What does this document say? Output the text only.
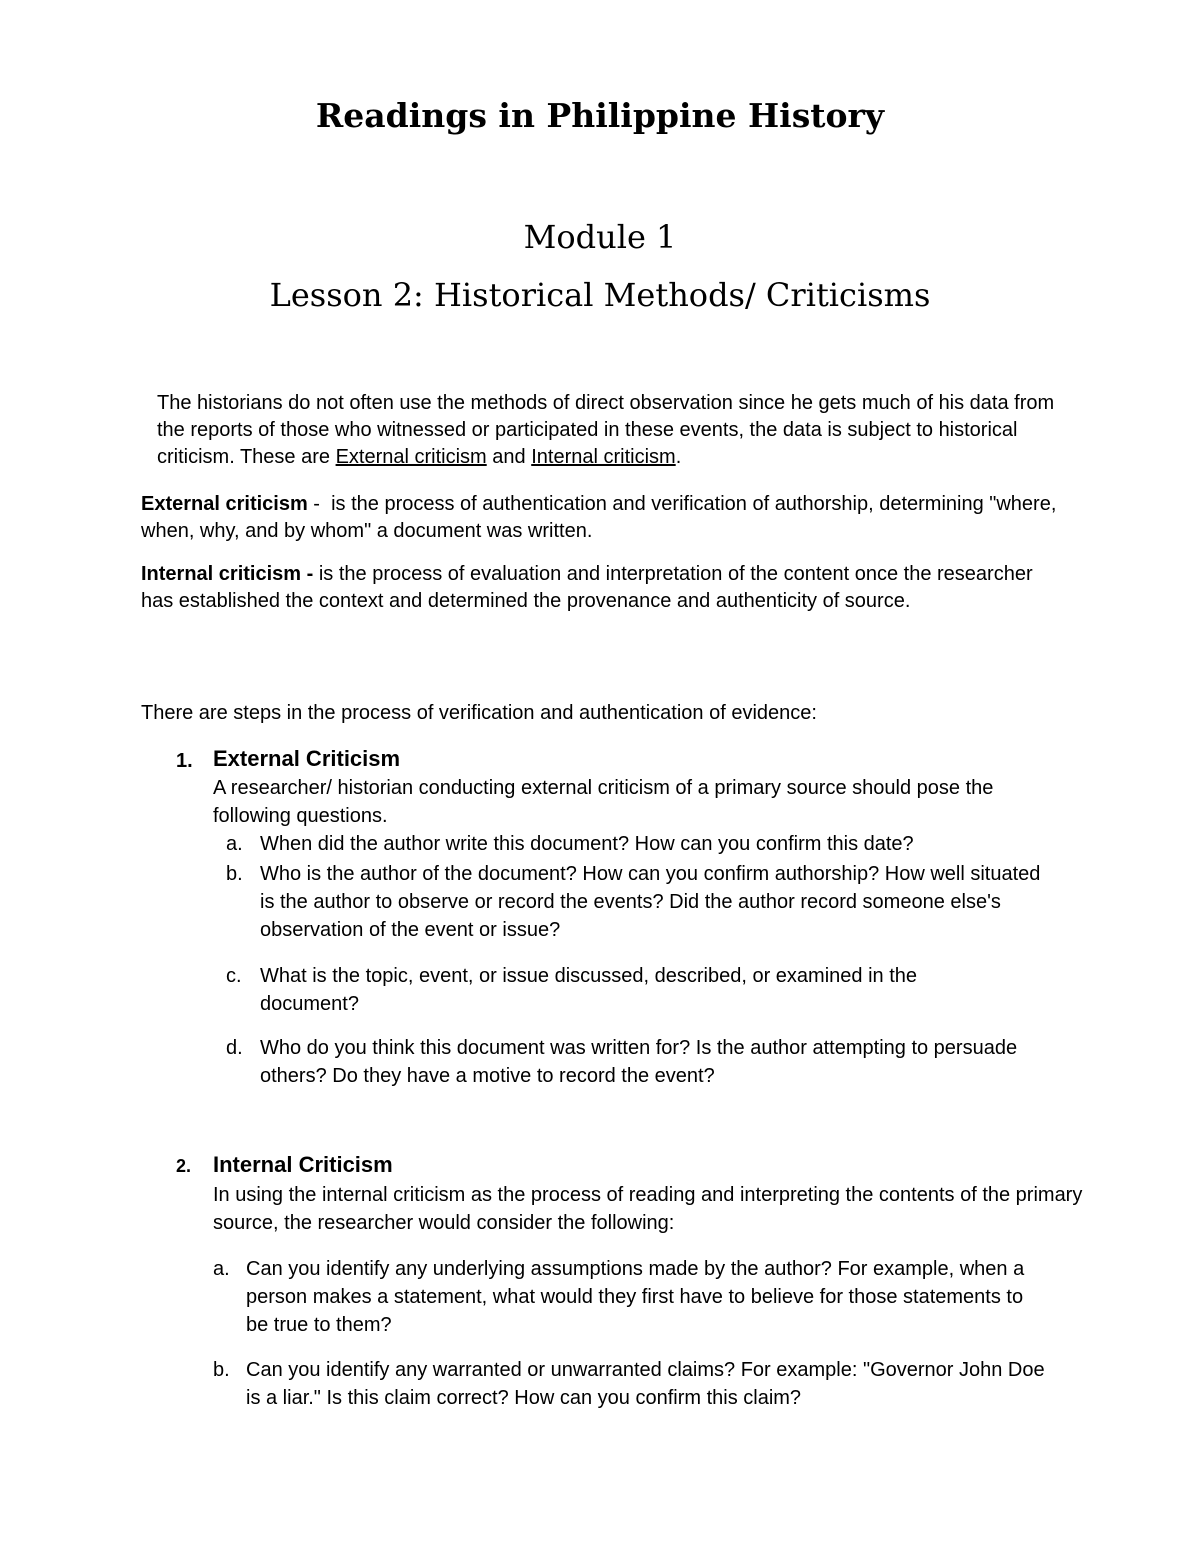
Readings in Philippine History
Module 1
Lesson 2: Historical Methods/ Criticisms
The historians do not often use the methods of direct observation since he gets much of his data from the reports of those who witnessed or participated in these events, the data is subject to historical criticism. These are External criticism and Internal criticism.
External criticism -  is the process of authentication and verification of authorship, determining "where, when, why, and by whom" a document was written.
Internal criticism - is the process of evaluation and interpretation of the content once the researcher has established the context and determined the provenance and authenticity of source.
There are steps in the process of verification and authentication of evidence:
1. External Criticism
A researcher/ historian conducting external criticism of a primary source should pose the following questions.
a. When did the author write this document? How can you confirm this date?
b. Who is the author of the document? How can you confirm authorship? How well situated is the author to observe or record the events? Did the author record someone else's observation of the event or issue?
c. What is the topic, event, or issue discussed, described, or examined in the document?
d. Who do you think this document was written for? Is the author attempting to persuade others? Do they have a motive to record the event?
2. Internal Criticism
In using the internal criticism as the process of reading and interpreting the contents of the primary source, the researcher would consider the following:
a. Can you identify any underlying assumptions made by the author? For example, when a person makes a statement, what would they first have to believe for those statements to be true to them?
b. Can you identify any warranted or unwarranted claims? For example: "Governor John Doe is a liar." Is this claim correct? How can you confirm this claim?
